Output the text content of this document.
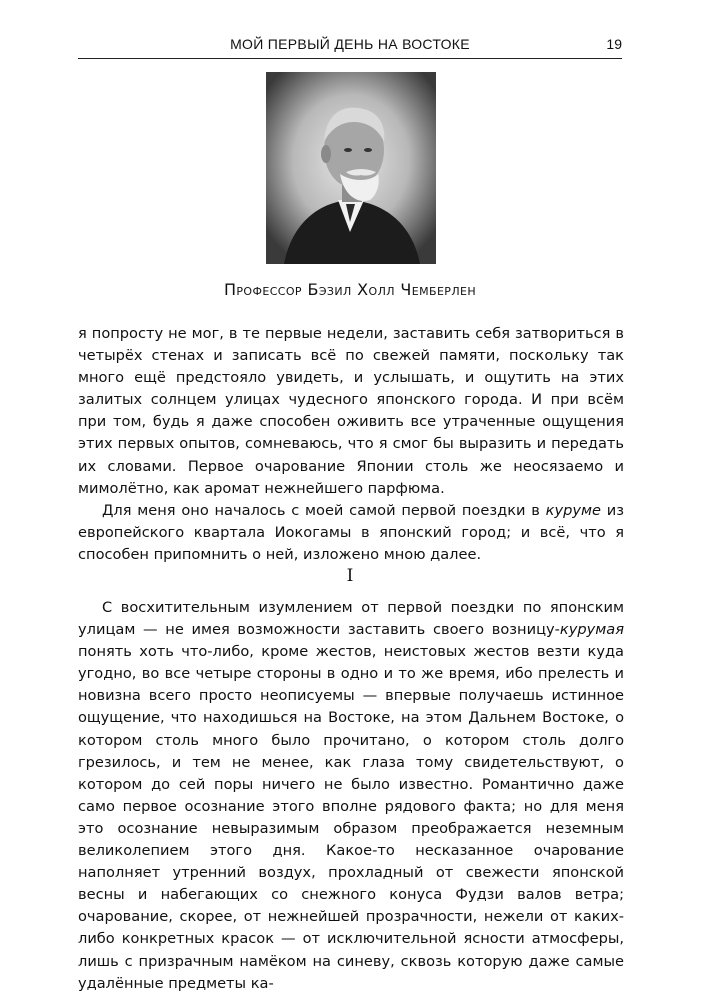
МОЙ ПЕРВЫЙ ДЕНЬ НА ВОСТОКЕ	19
Профессор Бэзил Холл Чемберлен

я попросту не мог, в те первые недели, заставить себя затвориться в четырёх стенах и записать всё по свежей памяти, поскольку так много ещё предстояло увидеть, и услышать, и ощутить на этих залитых солнцем улицах чудесного японского города. И при всём при том, будь я даже способен оживить все утраченные ощущения этих первых опытов, сомневаюсь, что я смог бы выразить и передать их словами. Первое очарование Японии столь же неосязаемо и мимолётно, как аромат нежнейшего парфюма.

Для меня оно началось с моей самой первой поездки в куруме из европейского квартала Иокогамы в японский город; и всё, что я способен припомнить о ней, изложено мною далее.

I

С восхитительным изумлением от первой поездки по японским улицам — не имея возможности заставить своего возницу-курумая понять хоть что-либо, кроме жестов, неистовых жестов везти куда угодно, во все четыре стороны в одно и то же время, ибо прелесть и новизна всего просто неописуемы — впервые получаешь истинное ощущение, что находишься на Востоке, на этом Дальнем Востоке, о котором столь много было прочитано, о котором столь долго грезилось, и тем не менее, как глаза тому свидетельствуют, о котором до сей поры ничего не было известно. Романтично даже само первое осознание этого вполне рядового факта; но для меня это осознание невыразимым образом преображается неземным великолепием этого дня. Какое-то несказанное очарование наполняет утренний воздух, прохладный от свежести японской весны и набегающих со снежного конуса Фудзи валов ветра; очарование, скорее, от нежнейшей прозрачности, нежели от каких-либо конкретных красок — от исключительной ясности атмосферы, лишь с призрачным намёком на синеву, сквозь которую даже самые удалённые предметы ка-
